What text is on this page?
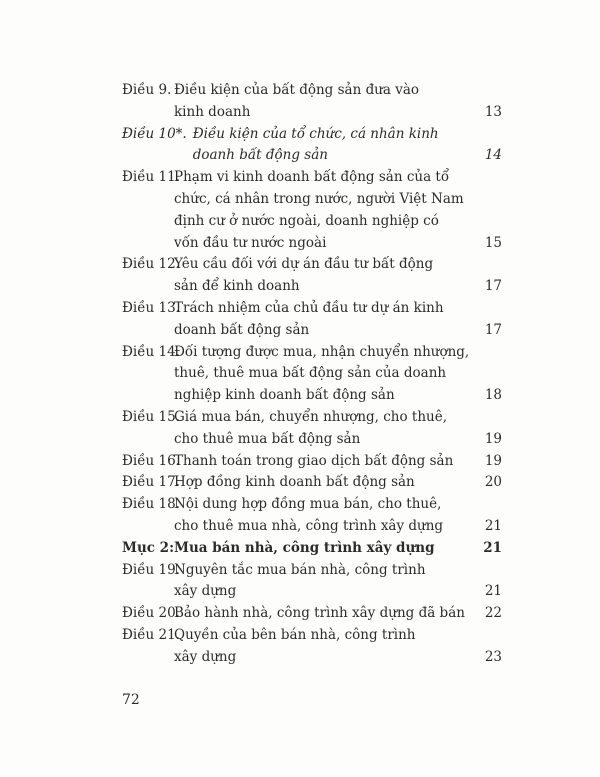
Điều 9. Điều kiện của bất động sản đưa vào
kinh doanh	13
Điều 10*. Điều kiện của tổ chức, cá nhân kinh
doanh bất động sản	14
Điều 11.
Phạm vi kinh doanh bất động sản của tổ
chức, cá nhân trong nước, người Việt Nam
định cư ở nước ngoài, doanh nghiệp có
vốn đầu tư nước ngoài	15
Điều 12.
Yêu cầu đối với dự án đầu tư bất động
sản để kinh doanh	17
Điều 13.
Trách nhiệm của chủ đầu tư dự án kinh
doanh bất động sản	17
Điều 14.
Đối tượng được mua, nhận chuyển nhượng,
thuê, thuê mua bất động sản của doanh
nghiệp kinh doanh bất động sản	18
Điều 15.
Giá mua bán, chuyển nhượng, cho thuê,
cho thuê mua bất động sản	19
Điều 16.
Thanh toán trong giao dịch bất động sản	19
Điều 17.
Hợp đồng kinh doanh bất động sản	20
Điều 18.
Nội dung hợp đồng mua bán, cho thuê,
cho thuê mua nhà, công trình xây dựng	21
Mục 2: Mua bán nhà, công trình xây dựng	21
Điều 19.
Nguyên tắc mua bán nhà, công trình
xây dựng	21
Điều 20.
Bảo hành nhà, công trình xây dựng đã bán	22
Điều 21.
Quyền của bên bán nhà, công trình
xây dựng	23
72
